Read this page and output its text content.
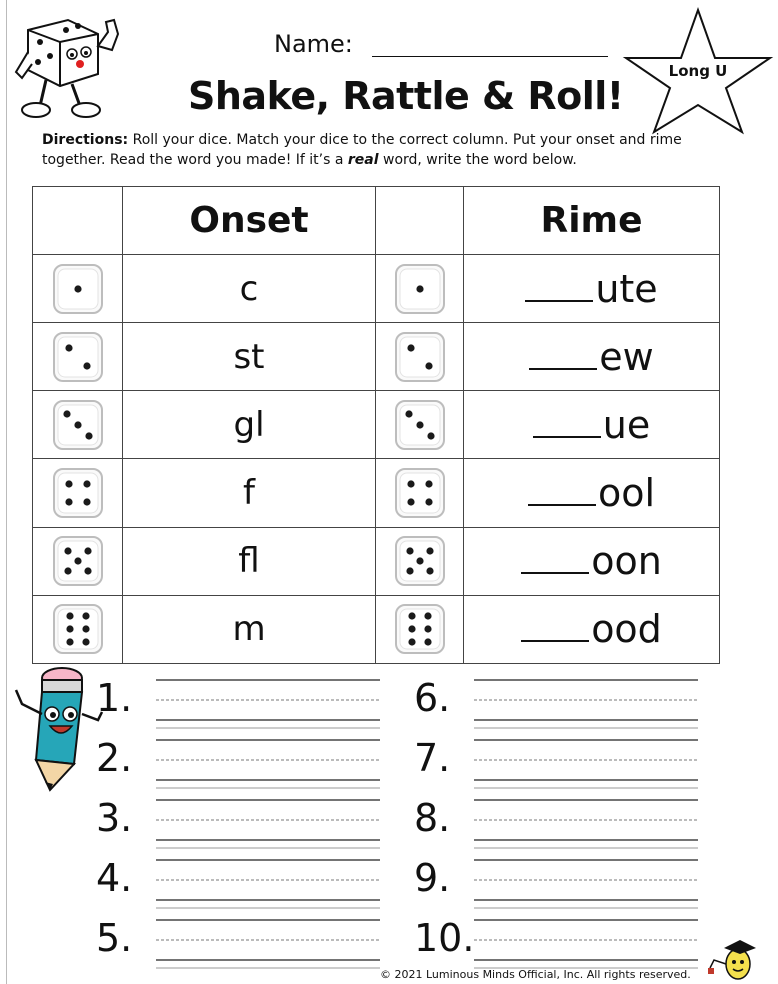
Name:
Shake, Rattle & Roll!
Long U
Directions: Roll your dice. Match your dice to the correct column. Put your onset and rime together. Read the word you made! If it’s a real word, write the word below.
	Onset		Rime

	c		ute

	st		ew

	gl		ue

	f		ool

	fl		oon

	m		ood
1.
2.
3.
4.
5.
6.
7.
8.
9.
10.
© 2021 Luminous Minds Official, Inc. All rights reserved.
